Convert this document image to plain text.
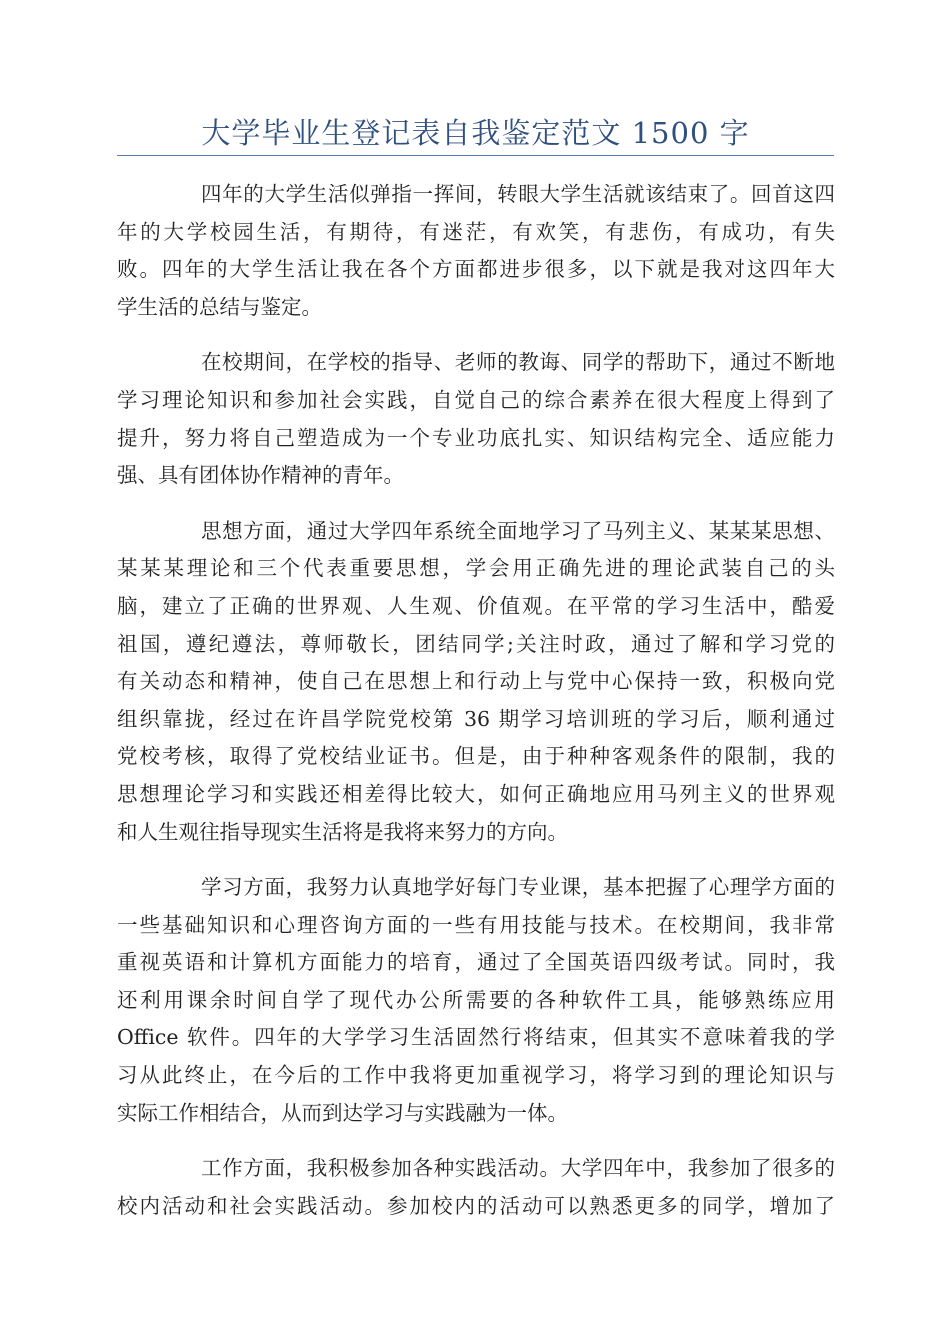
大学毕业生登记表自我鉴定范文 1500 字
四年的大学生活似弹指一挥间，转眼大学生活就该结束了。回首这四
年的大学校园生活，有期待，有迷茫，有欢笑，有悲伤，有成功，有失
败。四年的大学生活让我在各个方面都进步很多，以下就是我对这四年大
学生活的总结与鉴定。
在校期间，在学校的指导、老师的教诲、同学的帮助下，通过不断地
学习理论知识和参加社会实践，自觉自己的综合素养在很大程度上得到了
提升，努力将自己塑造成为一个专业功底扎实、知识结构完全、适应能力
强、具有团体协作精神的青年。
思想方面，通过大学四年系统全面地学习了马列主义、某某某思想、
某某某理论和三个代表重要思想，学会用正确先进的理论武装自己的头
脑，建立了正确的世界观、人生观、价值观。在平常的学习生活中，酷爱
祖国，遵纪遵法，尊师敬长，团结同学;关注时政，通过了解和学习党的
有关动态和精神，使自己在思想上和行动上与党中心保持一致，积极向党
组织靠拢，经过在许昌学院党校第 36 期学习培训班的学习后，顺利通过
党校考核，取得了党校结业证书。但是，由于种种客观条件的限制，我的
思想理论学习和实践还相差得比较大，如何正确地应用马列主义的世界观
和人生观往指导现实生活将是我将来努力的方向。
学习方面，我努力认真地学好每门专业课，基本把握了心理学方面的
一些基础知识和心理咨询方面的一些有用技能与技术。在校期间，我非常
重视英语和计算机方面能力的培育，通过了全国英语四级考试。同时，我
还利用课余时间自学了现代办公所需要的各种软件工具，能够熟练应用
Office 软件。四年的大学学习生活固然行将结束，但其实不意味着我的学
习从此终止，在今后的工作中我将更加重视学习，将学习到的理论知识与
实际工作相结合，从而到达学习与实践融为一体。
工作方面，我积极参加各种实践活动。大学四年中，我参加了很多的
校内活动和社会实践活动。参加校内的活动可以熟悉更多的同学，增加了
